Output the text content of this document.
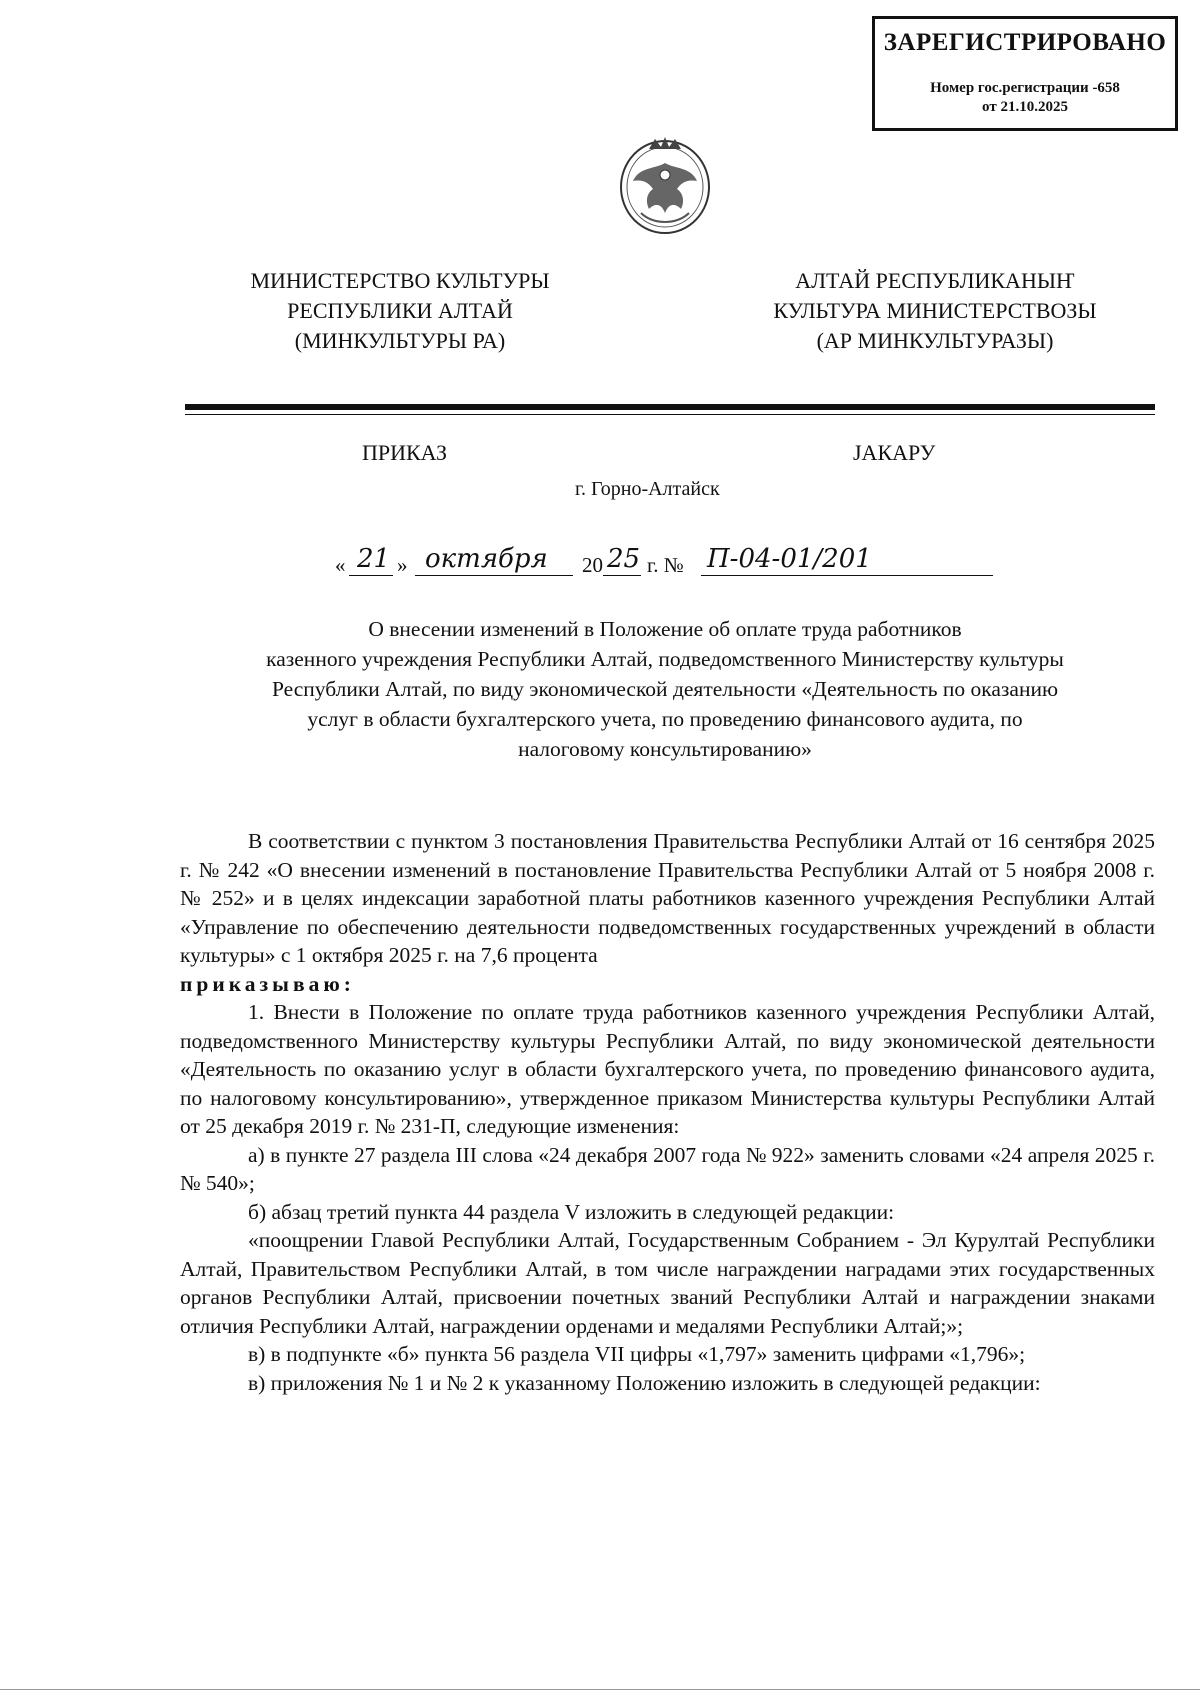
ЗАРЕГИСТРИРОВАНО
Номер гос.регистрации -658
от 21.10.2025
МИНИСТЕРСТВО КУЛЬТУРЫ
РЕСПУБЛИКИ АЛТАЙ
(МИНКУЛЬТУРЫ РА)
АЛТАЙ РЕСПУБЛИКАНЫҤ
КУЛЬТУРА МИНИСТЕРСТВОЗЫ
(АР МИНКУЛЬТУРАЗЫ)
ПРИКАЗ	JАКАРУ
г. Горно-Алтайск
« 21 » октября 20 25 г. № П-04-01/201
О внесении изменений в Положение об оплате труда работников
казенного учреждения Республики Алтай, подведомственного Министерству культуры
Республики Алтай, по виду экономической деятельности «Деятельность по оказанию
услуг в области бухгалтерского учета, по проведению финансового аудита, по
налоговому консультированию»

В соответствии с пунктом 3 постановления Правительства Республики Алтай от 16 сентября 2025 г. № 242 «О внесении изменений в постановление Правительства Республики Алтай от 5 ноября 2008 г. № 252» и в целях индексации заработной платы работников казенного учреждения Республики Алтай «Управление по обеспечению деятельности подведомственных государственных учреждений в области культуры» с 1 октября 2025 г. на 7,6 процента

приказываю:

1. Внести в Положение по оплате труда работников казенного учреждения Республики Алтай, подведомственного Министерству культуры Республики Алтай, по виду экономической деятельности «Деятельность по оказанию услуг в области бухгалтерского учета, по проведению финансового аудита, по налоговому консультированию», утвержденное приказом Министерства культуры Республики Алтай от 25 декабря 2019 г. № 231-П, следующие изменения:

а) в пункте 27 раздела III слова «24 декабря 2007 года № 922» заменить словами «24 апреля 2025 г. № 540»;

б) абзац третий пункта 44 раздела V изложить в следующей редакции:

«поощрении Главой Республики Алтай, Государственным Собранием - Эл Курултай Республики Алтай, Правительством Республики Алтай, в том числе награждении наградами этих государственных органов Республики Алтай, присвоении почетных званий Республики Алтай и награждении знаками отличия Республики Алтай, награждении орденами и медалями Республики Алтай;»;

в) в подпункте «б» пункта 56 раздела VII цифры «1,797» заменить цифрами «1,796»;

в) приложения № 1 и № 2 к указанному Положению изложить в следующей редакции:
